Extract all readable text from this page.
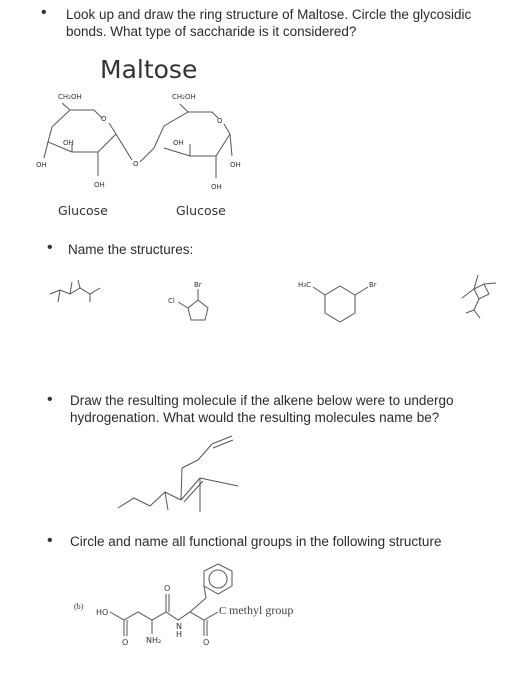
• Look up and draw the ring structure of Maltose. Circle the glycosidic
bonds. What type of saccharide is it considered?
Maltose
CH₂OH	CH₂OH
O	O
O
OH
OH
OH
OH
OH
OH
Glucose	Glucose
• Name the structures:
Br
Cl
H₃C	Br
• Draw the resulting molecule if the alkene below were to undergo
hydrogenation. What would the resulting molecules name be?
• Circle and name all functional groups in the following structure
(b)
HO
O
O	O
N
H
NH₂
C methyl group
